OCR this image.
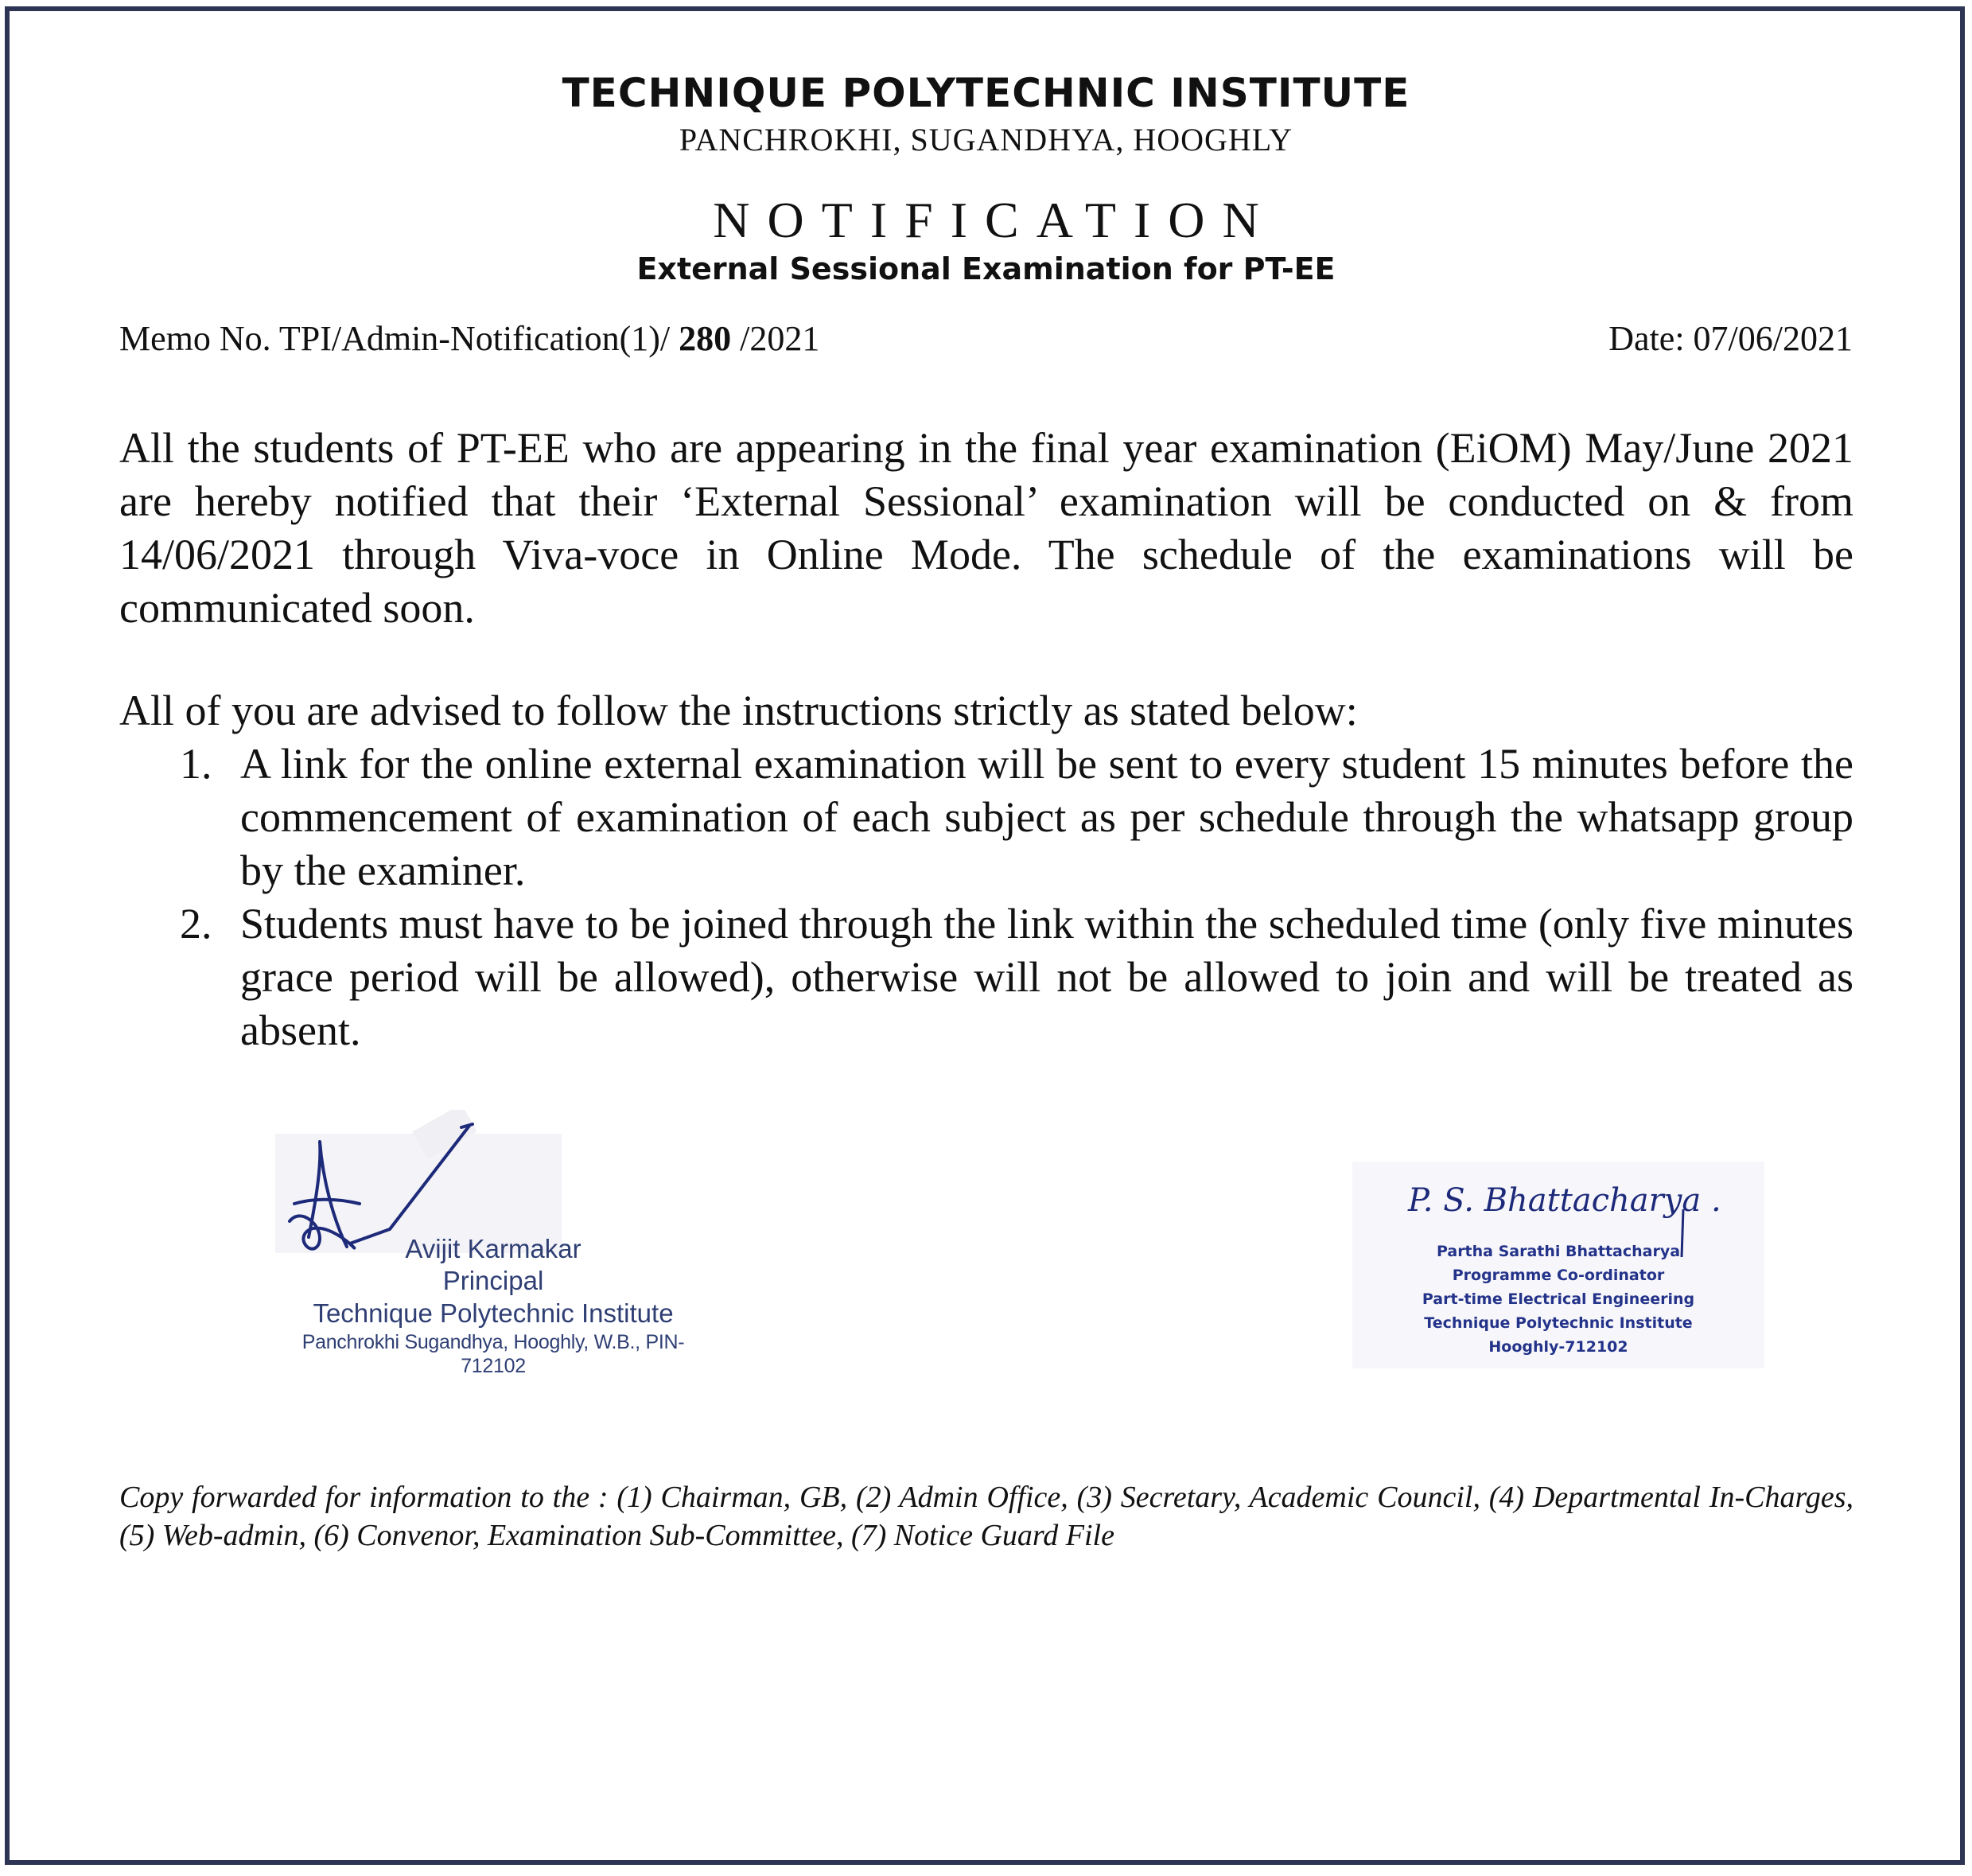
TECHNIQUE POLYTECHNIC INSTITUTE
PANCHROKHI, SUGANDHYA, HOOGHLY
NOTIFICATION
External Sessional Examination for PT-EE
Memo No. TPI/Admin-Notification(1)/ 280 /2021	Date: 07/06/2021
All the students of PT-EE who are appearing in the final year examination (EiOM) May/June 2021 are hereby notified that their ‘External Sessional’ examination will be conducted on & from 14/06/2021 through Viva-voce in Online Mode. The schedule of the examinations will be communicated soon.
All of you are advised to follow the instructions strictly as stated below:
1. A link for the online external examination will be sent to every student 15 minutes before the commencement of examination of each subject as per schedule through the whatsapp group by the examiner.
2. Students must have to be joined through the link within the scheduled time (only five minutes grace period will be allowed), otherwise will not be allowed to join and will be treated as absent.
Avijit Karmakar
Principal
Technique Polytechnic Institute
Panchrokhi Sugandhya, Hooghly, W.B., PIN-712102
P. S. Bhattacharya .
Partha Sarathi Bhattacharya
Programme Co-ordinator
Part-time Electrical Engineering
Technique Polytechnic Institute
Hooghly-712102
Copy forwarded for information to the : (1) Chairman, GB, (2) Admin Office, (3) Secretary, Academic Council, (4) Departmental In-Charges, (5) Web-admin, (6) Convenor, Examination Sub-Committee, (7) Notice Guard File
